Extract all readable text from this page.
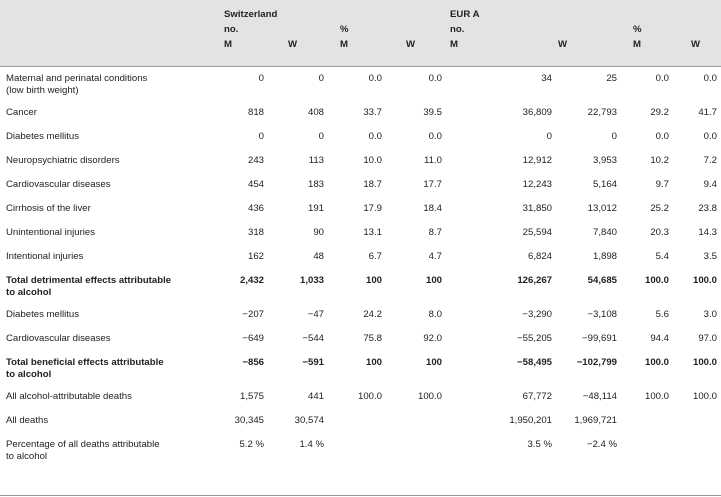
	Switzerland				EUR A			
	no.		%		no.		%	
	M	W	M	W	M	W	M	W
Maternal and perinatal conditions
(low birth weight)	0	0	0.0	0.0	34	25	0.0	0.0
Cancer	818	408	33.7	39.5	36,809	22,793	29.2	41.7
Diabetes mellitus	0	0	0.0	0.0	0	0	0.0	0.0
Neuropsychiatric disorders	243	113	10.0	11.0	12,912	3,953	10.2	7.2
Cardiovascular diseases	454	183	18.7	17.7	12,243	5,164	9.7	9.4
Cirrhosis of the liver	436	191	17.9	18.4	31,850	13,012	25.2	23.8
Unintentional injuries	318	90	13.1	8.7	25,594	7,840	20.3	14.3
Intentional injuries	162	48	6.7	4.7	6,824	1,898	5.4	3.5
Total detrimental effects attributable
to alcohol	2,432	1,033	100	100	126,267	54,685	100.0	100.0
Diabetes mellitus	−207	−47	24.2	8.0	−3,290	−3,108	5.6	3.0
Cardiovascular diseases	−649	−544	75.8	92.0	−55,205	−99,691	94.4	97.0
Total beneficial effects attributable
to alcohol	−856	−591	100	100	−58,495	−102,799	100.0	100.0
All alcohol-attributable deaths	1,575	441	100.0	100.0	67,772	−48,114	100.0	100.0
All deaths	30,345	30,574			1,950,201	1,969,721		
Percentage of all deaths attributable
to alcohol	5.2 %	1.4 %			3.5 %	−2.4 %		
